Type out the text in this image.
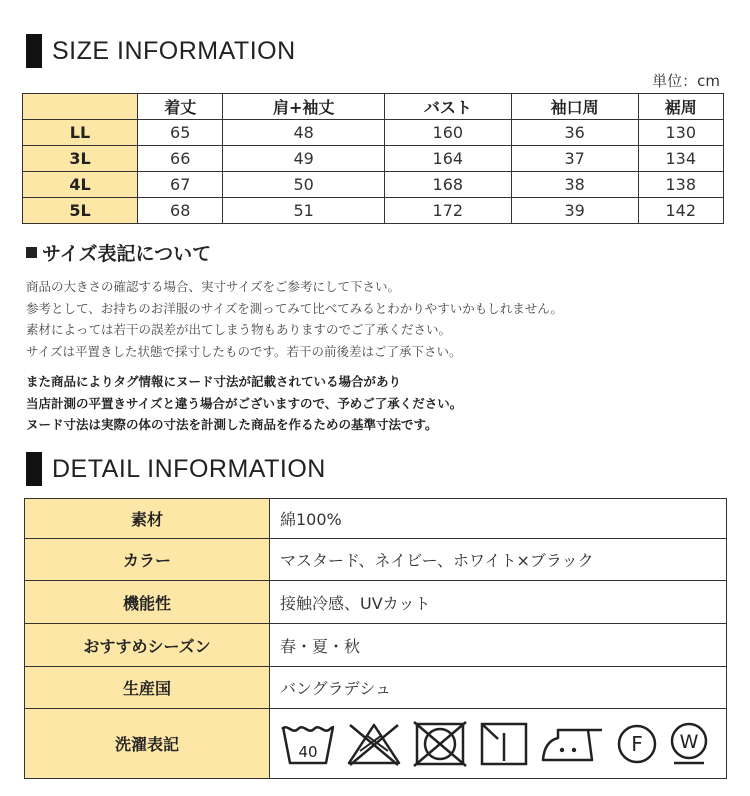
SIZE INFORMATION
単位：cm
	着丈	肩+袖丈	バスト	袖口周	裾周
LL	65	48	160	36	130
3L	66	49	164	37	134
4L	67	50	168	38	138
5L	68	51	172	39	142
サイズ表記について
商品の大きさの確認する場合、実寸サイズをご参考にして下さい。
参考として、お持ちのお洋服のサイズを測ってみて比べてみるとわかりやすいかもしれません。
素材によっては若干の誤差が出てしまう物もありますのでご了承ください。
サイズは平置きした状態で採寸したものです。若干の前後差はご了承下さい。
また商品によりタグ情報にヌード寸法が記載されている場合があり
当店計測の平置きサイズと違う場合がございますので、予めご了承ください。
ヌード寸法は実際の体の寸法を計測した商品を作るための基準寸法です。
DETAIL INFORMATION
素材	綿100%
カラー	マスタード、ネイビー、ホワイト×ブラック
機能性	接触冷感、UVカット
おすすめシーズン	春・夏・秋
生産国	バングラデシュ
洗濯表記	40 F W
